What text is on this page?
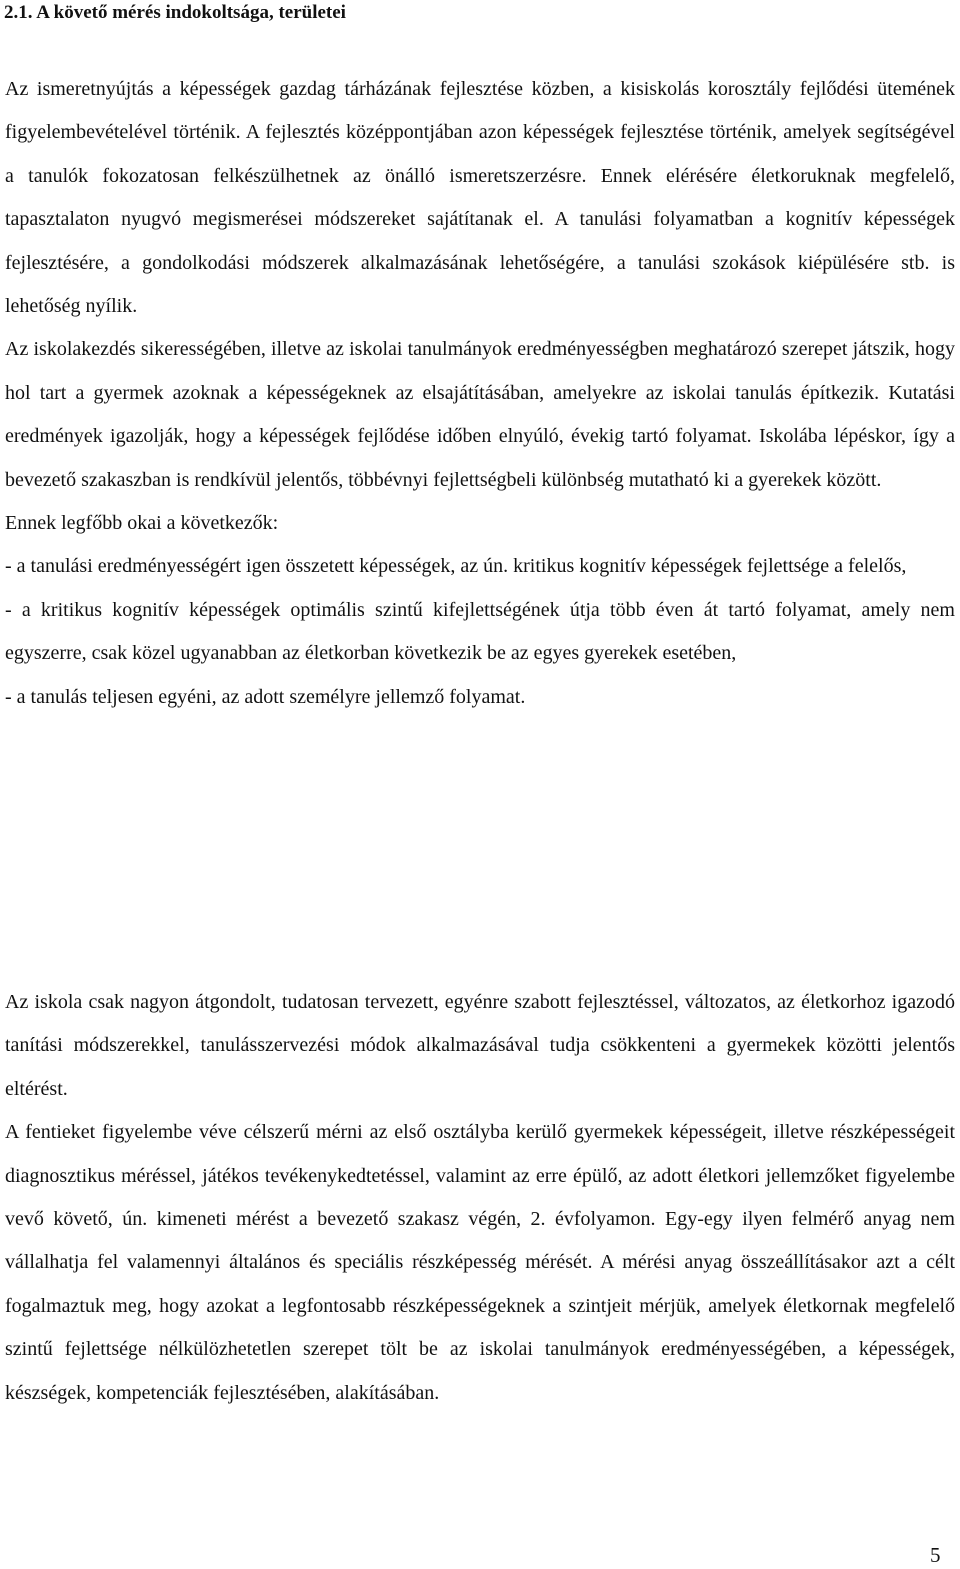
2.1. A követő mérés indokoltsága, területei

Az ismeretnyújtás a képességek gazdag tárházának fejlesztése közben, a kisiskolás korosztály fejlődési ütemének figyelembevételével történik. A fejlesztés középpontjában azon képességek fejlesztése történik, amelyek segítségével a tanulók fokozatosan felkészülhetnek az önálló ismeretszerzésre. Ennek elérésére életkoruknak megfelelő, tapasztalaton nyugvó megismerései módszereket sajátítanak el. A tanulási folyamatban a kognitív képességek fejlesztésére, a gondolkodási módszerek alkalmazásának lehetőségére, a tanulási szokások kiépülésére stb. is lehetőség nyílik.

Az iskolakezdés sikerességében, illetve az iskolai tanulmányok eredményességben meghatározó szerepet játszik, hogy hol tart a gyermek azoknak a képességeknek az elsajátításában, amelyekre az iskolai tanulás építkezik. Kutatási eredmények igazolják, hogy a képességek fejlődése időben elnyúló, évekig tartó folyamat. Iskolába lépéskor, így a bevezető szakaszban is rendkívül jelentős, többévnyi fejlettségbeli különbség mutatható ki a gyerekek között.

Ennek legfőbb okai a következők:

- a tanulási eredményességért igen összetett képességek, az ún. kritikus kognitív képességek fejlettsége a felelős,

- a kritikus kognitív képességek optimális szintű kifejlettségének útja több éven át tartó folyamat, amely nem egyszerre, csak közel ugyanabban az életkorban következik be az egyes gyerekek esetében,

- a tanulás teljesen egyéni, az adott személyre jellemző folyamat.

Az iskola csak nagyon átgondolt, tudatosan tervezett, egyénre szabott fejlesztéssel, változatos, az életkorhoz igazodó tanítási módszerekkel, tanulásszervezési módok alkalmazásával tudja csökkenteni a gyermekek közötti jelentős eltérést.

A fentieket figyelembe véve célszerű mérni az első osztályba kerülő gyermekek képességeit, illetve részképességeit diagnosztikus méréssel, játékos tevékenykedtetéssel, valamint az erre épülő, az adott életkori jellemzőket figyelembe vevő követő, ún. kimeneti mérést a bevezető szakasz végén, 2. évfolyamon. Egy-egy ilyen felmérő anyag nem vállalhatja fel valamennyi általános és speciális részképesség mérését. A mérési anyag összeállításakor azt a célt fogalmaztuk meg, hogy azokat a legfontosabb részképességeknek a szintjeit mérjük, amelyek életkornak megfelelő szintű fejlettsége nélkülözhetetlen szerepet tölt be az iskolai tanulmányok eredményességében, a képességek, készségek, kompetenciák fejlesztésében, alakításában.

5
